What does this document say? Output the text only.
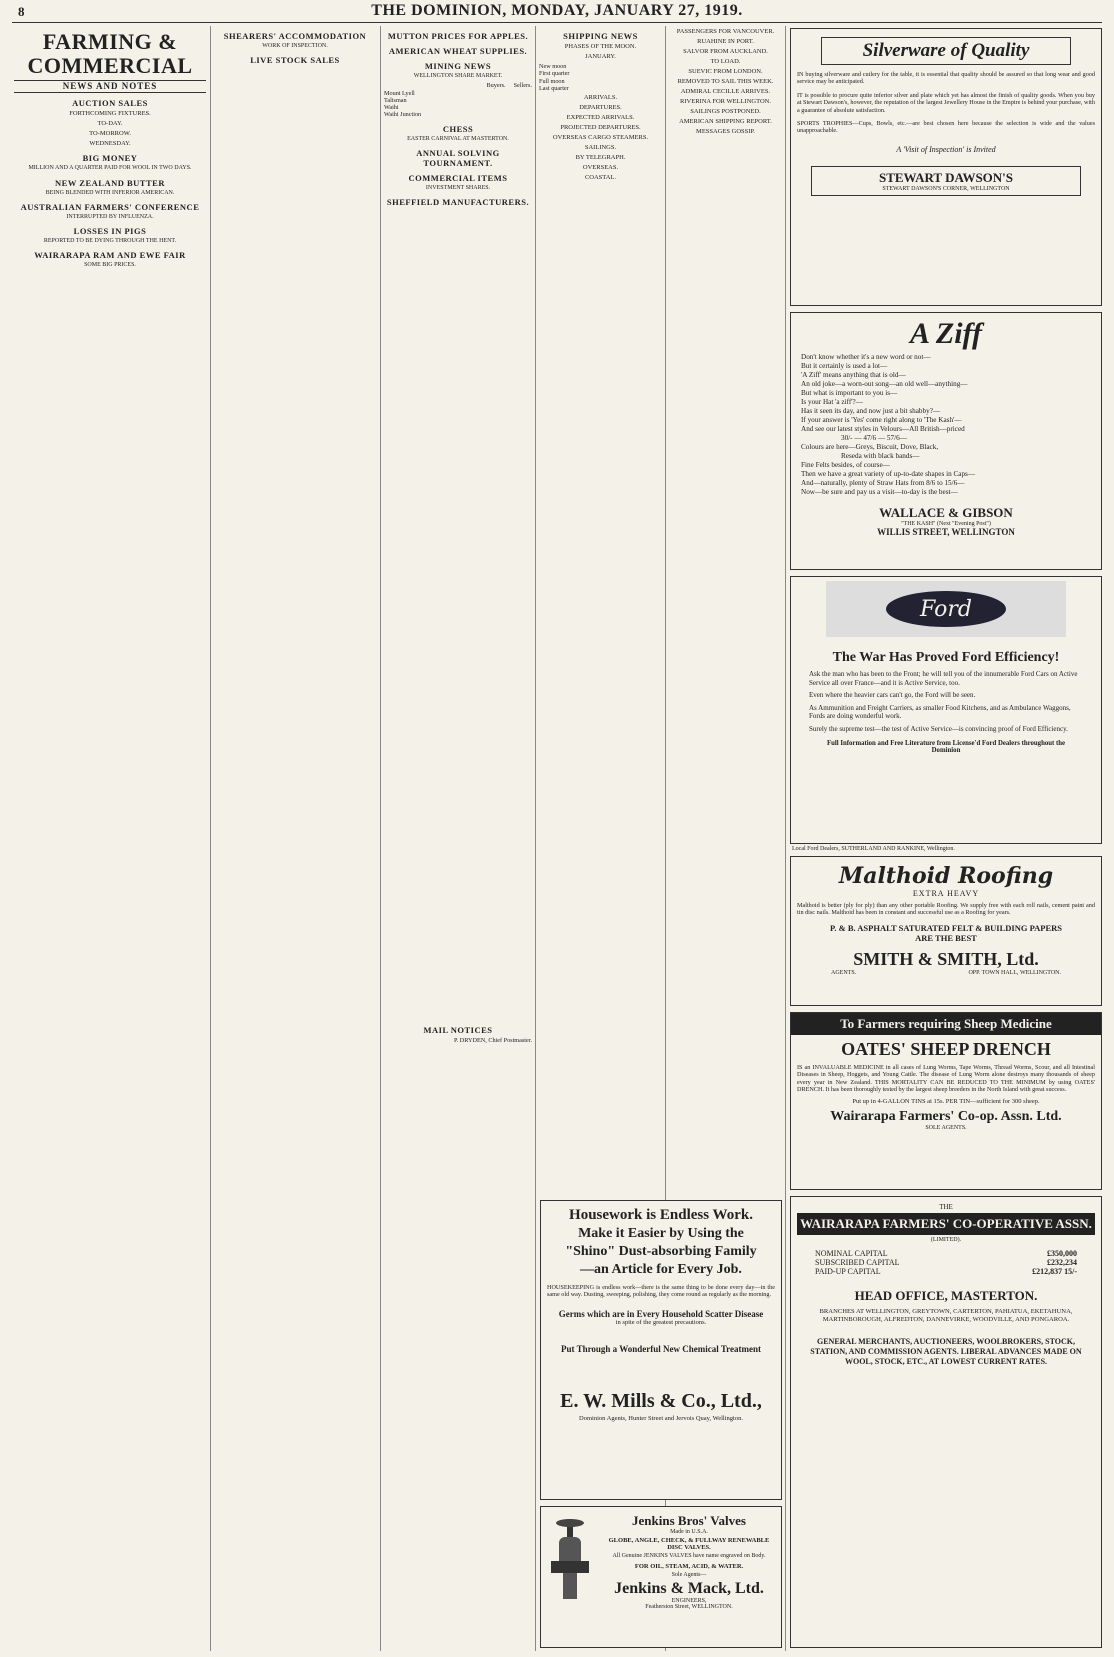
8	THE DOMINION, MONDAY, JANUARY 27, 1919.
FARMING & COMMERCIAL
NEWS AND NOTES
AUCTION SALES
FORTHCOMING FIXTURES.
TO-DAY.
TO-MORROW.
WEDNESDAY.
BIG MONEY
MILLION AND A QUARTER PAID FOR WOOL IN TWO DAYS.
NEW ZEALAND BUTTER
BEING BLENDED WITH INFERIOR AMERICAN.
AUSTRALIAN FARMERS' CONFERENCE
INTERRUPTED BY INFLUENZA.
LOSSES IN PIGS
REPORTED TO BE DYING THROUGH THE HENT.
WAIRARAPA RAM AND EWE FAIR
SOME BIG PRICES.
SHEARERS' ACCOMMODATION
WORK OF INSPECTION.
LIVE STOCK SALES
MUTTON PRICES FOR APPLES.
AMERICAN WHEAT SUPPLIES.
MINING NEWS
WELLINGTON SHARE MARKET.
Buyers. Sellers.
Mount Lyell
Talisman
Waihi
Waihi Junction
CHESS
EASTER CARNIVAL AT MASTERTON.
ANNUAL SOLVING TOURNAMENT.
COMMERCIAL ITEMS
INVESTMENT SHARES.
SHEFFIELD MANUFACTURERS.
SHIPPING NEWS
PHASES OF THE MOON.
JANUARY.
New moon
First quarter
Full moon
Last quarter
ARRIVALS.
DEPARTURES.
EXPECTED ARRIVALS.
PROJECTED DEPARTURES.
OVERSEAS CARGO STEAMERS.
SAILINGS.
BY TELEGRAPH.
OVERSEAS.
COASTAL.
MAIL NOTICES
P. DRYDEN, Chief Postmaster.
PASSENGERS FOR VANCOUVER.
RUAHINE IN PORT.
SALVOR FROM AUCKLAND.
TO LOAD.
SUEVIC FROM LONDON.
REMOVED TO SAIL THIS WEEK.
ADMIRAL CECILLE ARRIVES.
RIVERINA FOR WELLINGTON.
SAILINGS POSTPONED.
AMERICAN SHIPPING REPORT.
MESSAGES GOSSIP.
Housework is Endless Work.
Make it Easier by Using the
"Shino" Dust-absorbing Family
—an Article for Every Job.
HOUSEKEEPING is endless work—there is the same thing to be done every day—in the same old way. Dusting, sweeping, polishing, they come round as regularly as the morning.
Germs which are in Every Household Scatter Disease
in spite of the greatest precautions.
Put Through a Wonderful New Chemical Treatment
E. W. Mills & Co., Ltd.,
Dominion Agents, Hunter Street and Jervois Quay, Wellington.
Jenkins Bros' Valves
Made in U.S.A.
GLOBE, ANGLE, CHECK, & FULLWAY RENEWABLE DISC VALVES.
All Genuine JENKINS VALVES have name engraved on Body.
FOR OIL, STEAM, ACID, & WATER.
Sole Agents—
Jenkins & Mack, Ltd.
ENGINEERS,
Featherston Street, WELLINGTON.
Silverware of Quality
IN buying silverware and cutlery for the table, it is essential that quality should be assured so that long wear and good service may be anticipated.
IT is possible to procure quite inferior silver and plate which yet has almost the finish of quality goods. When you buy at Stewart Dawson's, however, the reputation of the largest Jewellery House in the Empire is behind your purchase, with a guarantee of absolute satisfaction.
SPORTS TROPHIES—Cups, Bowls, etc.—are best chosen here because the selection is wide and the values unapproachable.
A 'Visit of Inspection' is Invited
STEWART DAWSON'S
STEWART DAWSON'S CORNER, WELLINGTON
A Ziff
Don't know whether it's a new word or not—
But it certainly is used a lot—
'A Ziff' means anything that is old—
An old joke—a worn-out song—an old well—anything—
But what is important to you is—
Is your Hat 'a ziff'?—
Has it seen its day, and now just a bit shabby?—
If your answer is 'Yes' come right along to 'The Kash'—
And see our latest styles in Velours—All British—priced
30/- — 47/6 — 57/6—
Colours are here—Greys, Biscuit, Dove, Black,
Reseda with black bands—
Fine Felts besides, of course—
Then we have a great variety of up-to-date shapes in Caps—
And—naturally, plenty of Straw Hats from 8/6 to 15/6—
Now—be sure and pay us a visit—to-day is the best—
WALLACE & GIBSON
"THE KASH" (Next "Evening Post")
WILLIS STREET, WELLINGTON
Ford
The War Has Proved Ford Efficiency!
Ask the man who has been to the Front; he will tell you of the innumerable Ford Cars on Active Service all over France—and it is Active Service, too.
Even where the heavier cars can't go, the Ford will be seen.
As Ammunition and Freight Carriers, as smaller Food Kitchens, and as Ambulance Waggons, Fords are doing wonderful work.
Surely the supreme test—the test of Active Service—is convincing proof of Ford Efficiency.
Full Information and Free Literature from License'd Ford Dealers throughout the Dominion
Local Ford Dealers, SUTHERLAND AND RANKINE, Wellington.
Malthoid Roofing
EXTRA HEAVY
Malthoid is better (ply for ply) than any other portable Roofing. We supply free with each roll nails, cement paint and tin disc nails. Malthoid has been in constant and successful use as a Roofing for years.
P. & B. ASPHALT SATURATED FELT & BUILDING PAPERS ARE THE BEST
SMITH & SMITH, Ltd.
AGENTS.	OPP. TOWN HALL, WELLINGTON.
To Farmers requiring Sheep Medicine
OATES' SHEEP DRENCH
IS an INVALUABLE MEDICINE in all cases of Lung Worms, Tape Worms, Thread Worms, Scour, and all Intestinal Diseases in Sheep, Hoggets, and Young Cattle. The disease of Lung Worm alone destroys many thousands of sheep every year in New Zealand. THIS MORTALITY CAN BE REDUCED TO THE MINIMUM by using OATES' DRENCH. It has been thoroughly tested by the largest sheep breeders in the North Island with great success.
Put up in 4-GALLON TINS at 15s. PER TIN—sufficient for 300 sheep.
Wairarapa Farmers' Co-op. Assn. Ltd.
SOLE AGENTS.
THE
WAIRARAPA FARMERS' CO-OPERATIVE ASSN.
(LIMITED).
NOMINAL CAPITAL	£350,000
SUBSCRIBED CAPITAL	£232,234
PAID-UP CAPITAL	£212,837 15/-
HEAD OFFICE, MASTERTON.
BRANCHES AT WELLINGTON, GREYTOWN, CARTERTON, PAHIATUA, EKETAHUNA, MARTINBOROUGH, ALFREDTON, DANNEVIRKE, WOODVILLE, AND PONGAROA.
GENERAL MERCHANTS, AUCTIONEERS, WOOLBROKERS, STOCK, STATION, AND COMMISSION AGENTS. LIBERAL ADVANCES MADE ON WOOL, STOCK, ETC., AT LOWEST CURRENT RATES.
